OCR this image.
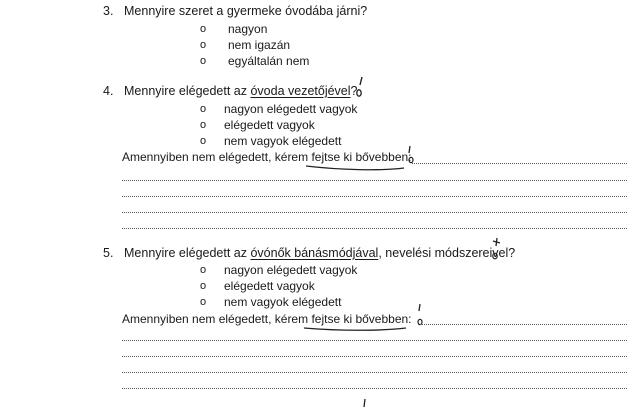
3. Mennyire szeret a gyermeke óvodába járni?
o nagyon
o nem igazán
o egyáltalán nem
4. Mennyire elégedett az óvoda vezetőjével?
o nagyon elégedett vagyok
o elégedett vagyok
o nem vagyok elégedett
Amennyiben nem elégedett, kérem fejtse ki bővebben:
5. Mennyire elégedett az óvónők bánásmódjával, nevelési módszereivel?
o nagyon elégedett vagyok
o elégedett vagyok
o nem vagyok elégedett
Amennyiben nem elégedett, kérem fejtse ki bővebben:
